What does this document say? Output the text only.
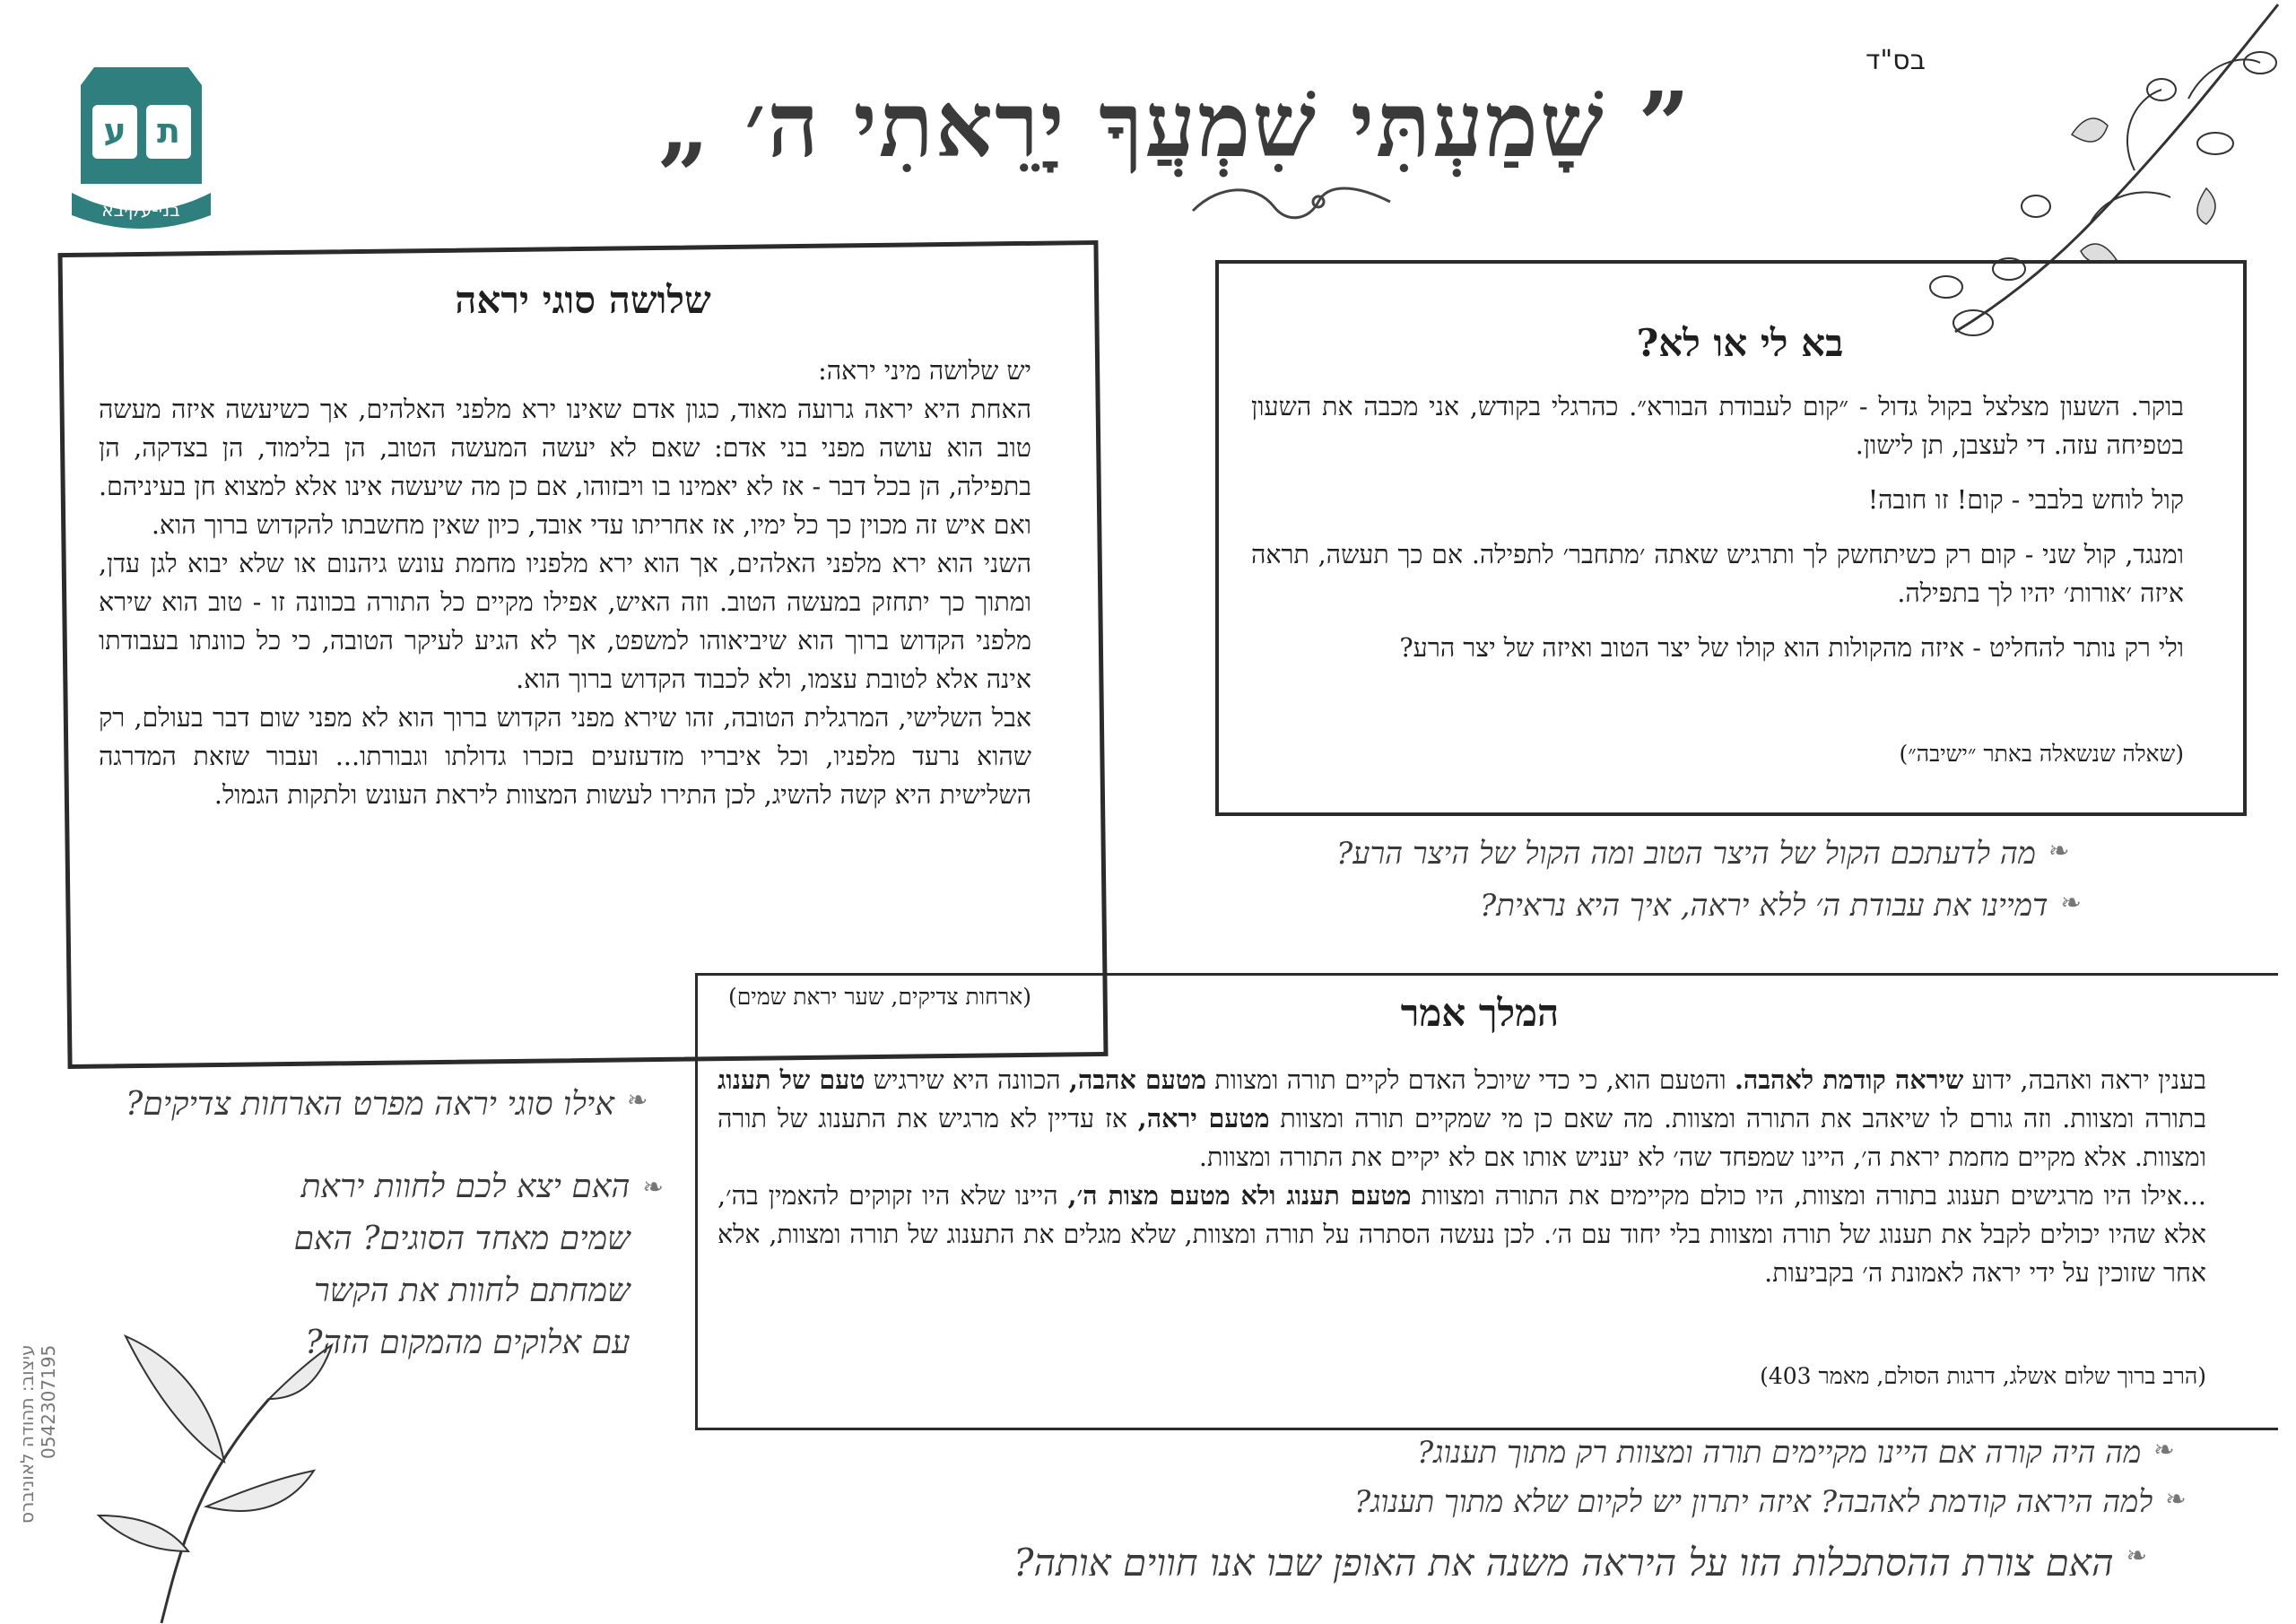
בס"ד
” שָׁמַעְתִּי שִׁמְעֲךָ יָרֵאתִי ה׳ „
ת
ע
בני-עקיבא
שלושה סוגי יראה
יש שלושה מיני יראה:
האחת היא יראה גרועה מאוד, כגון אדם שאינו ירא מלפני האלהים, אך כשיעשה איזה מעשה טוב הוא עושה מפני בני אדם: שאם לא יעשה המעשה הטוב, הן בלימוד, הן בצדקה, הן בתפילה, הן בכל דבר - אז לא יאמינו בו ויבזוהו, אם כן מה שיעשה אינו אלא למצוא חן בעיניהם. ואם איש זה מכוין כך כל ימיו, אז אחריתו עדי אובד, כיון שאין מחשבתו להקדוש ברוך הוא.
השני הוא ירא מלפני האלהים, אך הוא ירא מלפניו מחמת עונש גיהנום או שלא יבוא לגן עדן, ומתוך כך יתחזק במעשה הטוב. וזה האיש, אפילו מקיים כל התורה בכוונה זו - טוב הוא שירא מלפני הקדוש ברוך הוא שיביאוהו למשפט, אך לא הגיע לעיקר הטובה, כי כל כוונתו בעבודתו אינה אלא לטובת עצמו, ולא לכבוד הקדוש ברוך הוא.
אבל השלישי, המרגלית הטובה, זהו שירא מפני הקדוש ברוך הוא לא מפני שום דבר בעולם, רק שהוא נרעד מלפניו, וכל איבריו מזדעזעים בזכרו גדולתו וגבורתו... ועבור שזאת המדרגה השלישית היא קשה להשיג, לכן התירו לעשות המצוות ליראת העונש ולתקות הגמול.
(ארחות צדיקים, שער יראת שמים)
בא לי או לא?

בוקר. השעון מצלצל בקול גדול - ״קום לעבודת הבורא״. כהרגלי בקודש, אני מכבה את השעון בטפיחה עזה. די לעצבן, תן לישון.

קול לוחש בלבבי - קום! זו חובה!

ומנגד, קול שני - קום רק כשיתחשק לך ותרגיש שאתה ׳מתחבר׳ לתפילה. אם כך תעשה, תראה איזה ׳אורות׳ יהיו לך בתפילה.

ולי רק נותר להחליט - איזה מהקולות הוא קולו של יצר הטוב ואיזה של יצר הרע?

(שאלה שנשאלה באתר ״ישיבה״)
❧
מה לדעתכם הקול של היצר הטוב ומה הקול של היצר הרע?
❧
דמיינו את עבודת ה׳ ללא יראה, איך היא נראית?
המלך אמר
בענין יראה ואהבה, ידוע שיראה קודמת לאהבה. והטעם הוא, כי כדי שיוכל האדם לקיים תורה ומצוות מטעם אהבה, הכוונה היא שירגיש טעם של תענוג בתורה ומצוות. וזה גורם לו שיאהב את התורה ומצוות. מה שאם כן מי שמקיים תורה ומצוות מטעם יראה, אז עדיין לא מרגיש את התענוג של תורה ומצוות. אלא מקיים מחמת יראת ה׳, היינו שמפחד שה׳ לא יעניש אותו אם לא יקיים את התורה ומצוות.
...אילו היו מרגישים תענוג בתורה ומצוות, היו כולם מקיימים את התורה ומצוות מטעם תענוג ולא מטעם מצות ה׳, היינו שלא היו זקוקים להאמין בה׳, אלא שהיו יכולים לקבל את תענוג של תורה ומצוות בלי יחוד עם ה׳. לכן נעשה הסתרה על תורה ומצוות, שלא מגלים את התענוג של תורה ומצוות, אלא אחר שזוכין על ידי יראה לאמונת ה׳ בקביעות.
(הרב ברוך שלום אשלג, דרגות הסולם, מאמר 403)
❧
אילו סוגי יראה מפרט הארחות צדיקים?
❧
האם יצא לכם לחוות יראת שמים מאחד הסוגים? האם שמחתם לחוות את הקשר עם אלוקים מהמקום הזה?
❧
מה היה קורה אם היינו מקיימים תורה ומצוות רק מתוך תענוג?
❧
למה היראה קודמת לאהבה? איזה יתרון יש לקיום שלא מתוך תענוג?
❧
האם צורת ההסתכלות הזו על היראה משנה את האופן שבו אנו חווים אותה?
עיצוב: תהודה לאוניברס 0542307195
